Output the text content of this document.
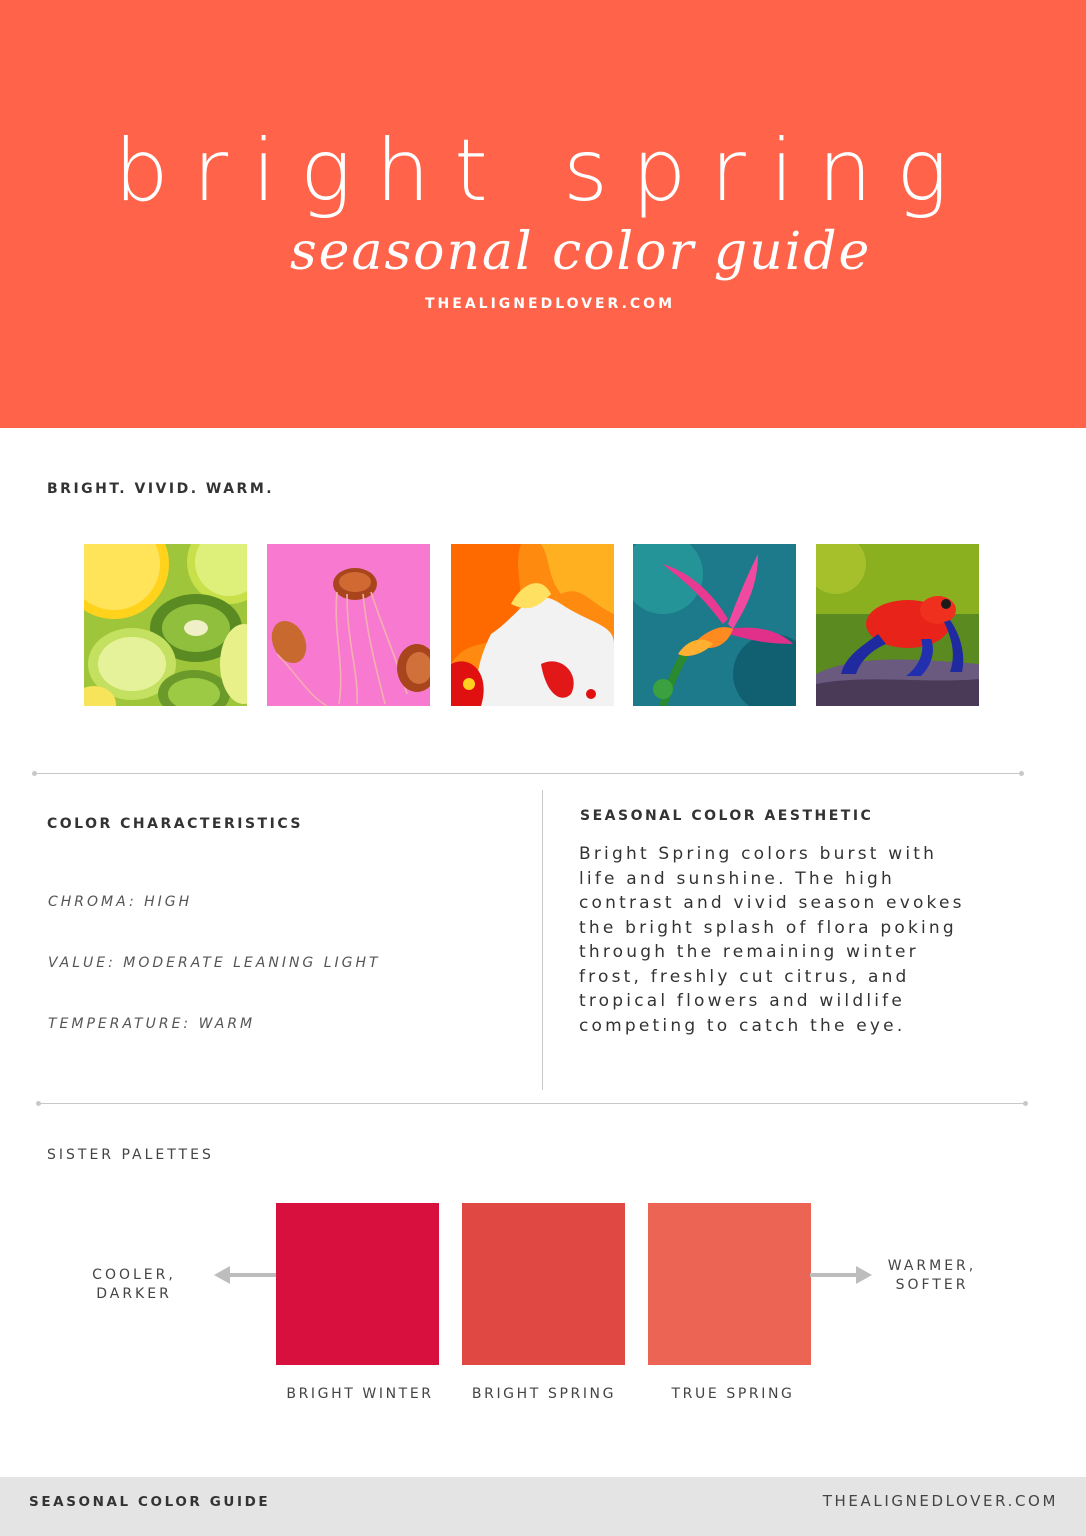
bright spring
seasonal color guide
THEALIGNEDLOVER.COM
BRIGHT. VIVID. WARM.
COLOR CHARACTERISTICS
CHROMA: HIGH
VALUE: MODERATE LEANING LIGHT
TEMPERATURE: WARM
SEASONAL COLOR AESTHETIC
Bright Spring colors burst with
life and sunshine. The high
contrast and vivid season evokes
the bright splash of flora poking
through the remaining winter
frost, freshly cut citrus, and
tropical flowers and wildlife
competing to catch the eye.
SISTER PALETTES
COOLER,
DARKER
WARMER,
SOFTER
BRIGHT WINTER	BRIGHT SPRING	TRUE SPRING
SEASONAL COLOR GUIDE	THEALIGNEDLOVER.COM
